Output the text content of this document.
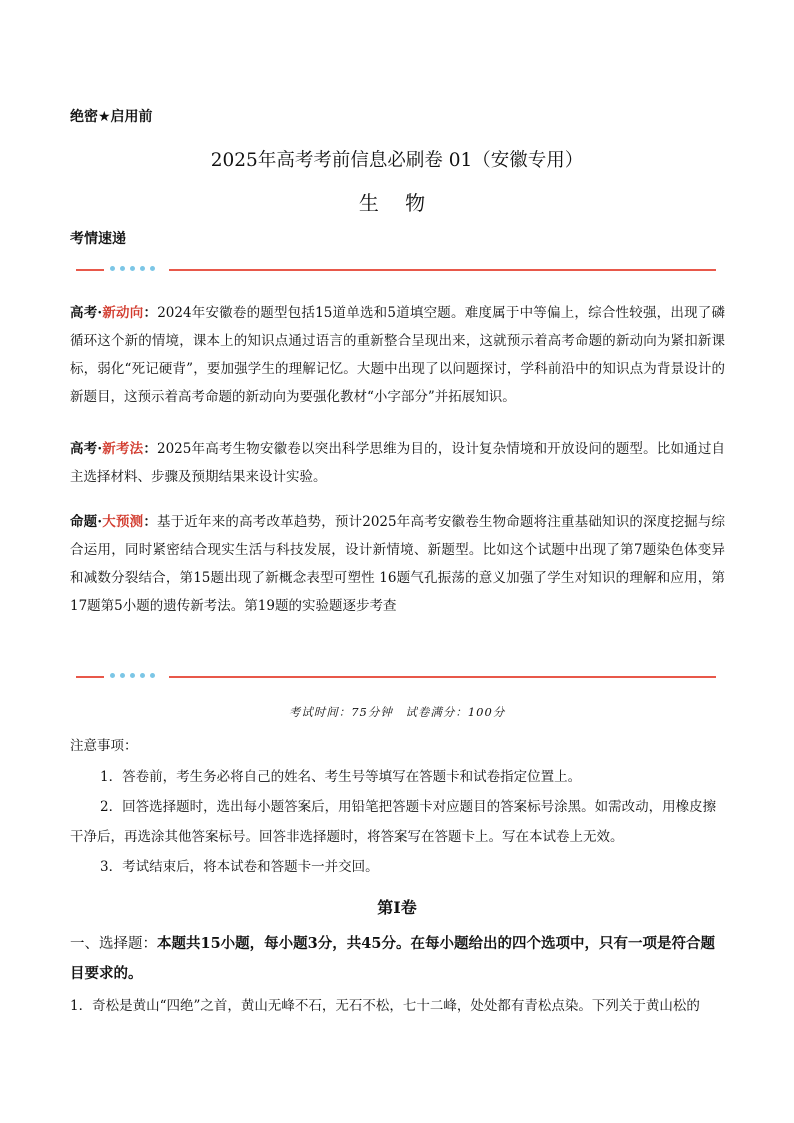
绝密★启用前
2025年高考考前信息必刷卷 01（安徽专用）
生 物
考情速递
高考·新动向：2024年安徽卷的题型包括15道单选和5道填空题。难度属于中等偏上，综合性较强，出现了磷循环这个新的情境，课本上的知识点通过语言的重新整合呈现出来，这就预示着高考命题的新动向为紧扣新课标，弱化“死记硬背”，要加强学生的理解记忆。大题中出现了以问题探讨，学科前沿中的知识点为背景设计的新题目，这预示着高考命题的新动向为要强化教材“小字部分”并拓展知识。
高考·新考法：2025年高考生物安徽卷以突出科学思维为目的，设计复杂情境和开放设问的题型。比如通过自主选择材料、步骤及预期结果来设计实验。
命题·大预测：基于近年来的高考改革趋势，预计2025年高考安徽卷生物命题将注重基础知识的深度挖掘与综合运用，同时紧密结合现实生活与科技发展，设计新情境、新题型。比如这个试题中出现了第7题染色体变异和减数分裂结合，第15题出现了新概念表型可塑性 16题气孔振荡的意义加强了学生对知识的理解和应用，第17题第5小题的遗传新考法。第19题的实验题逐步考查
考试时间：75分钟　试卷满分：100分
注意事项：
1．答卷前，考生务必将自己的姓名、考生号等填写在答题卡和试卷指定位置上。
2．回答选择题时，选出每小题答案后，用铅笔把答题卡对应题目的答案标号涂黑。如需改动，用橡皮擦干净后，再选涂其他答案标号。回答非选择题时，将答案写在答题卡上。写在本试卷上无效。
3．考试结束后，将本试卷和答题卡一并交回。
第Ⅰ卷
一、选择题：本题共15小题，每小题3分，共45分。在每小题给出的四个选项中，只有一项是符合题目要求的。
1．奇松是黄山“四绝”之首，黄山无峰不石，无石不松，七十二峰，处处都有青松点染。下列关于黄山松的
